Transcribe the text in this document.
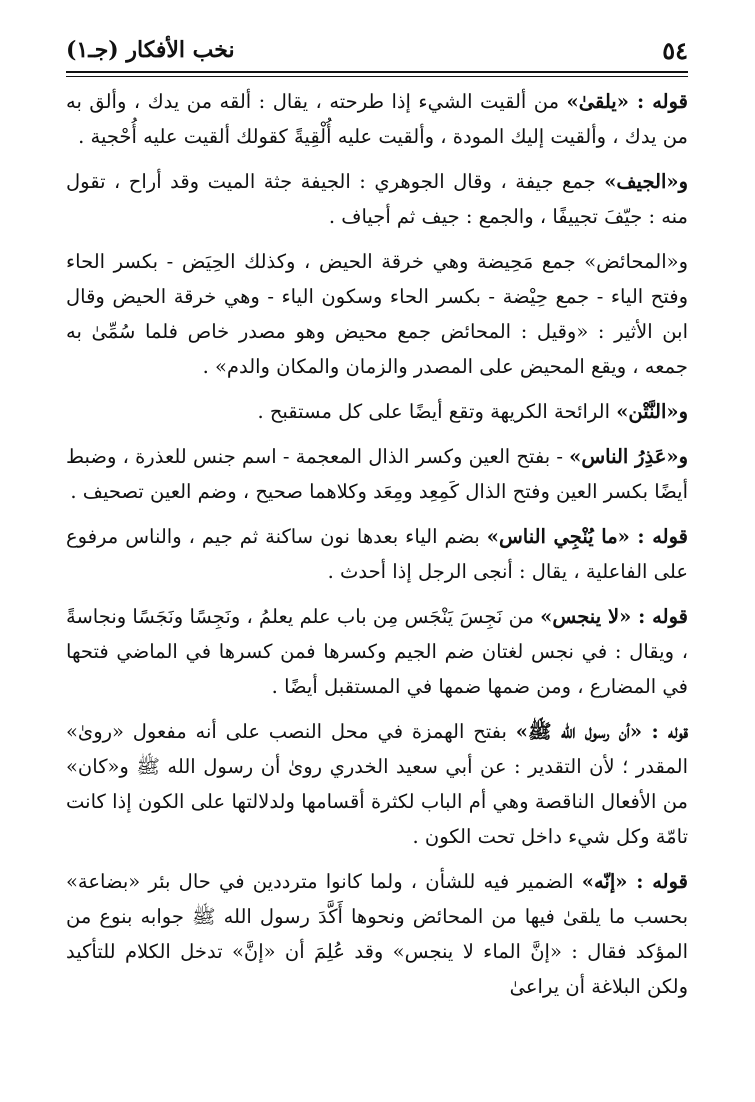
٥٤
نخب الأفكار (جـ١)

قوله : «يلقىٰ» من ألقيت الشيء إذا طرحته ، يقال : ألقه من يدك ، وألق به من يدك ، وألقيت إليك المودة ، وألقيت عليه أُلْقِيةً كقولك ألقيت عليه أُحْجية .

و«الجيف» جمع جيفة ، وقال الجوهري : الجيفة جثة الميت وقد أراح ، تقول منه : جيّفَ تجييفًا ، والجمع : جيف ثم أجياف .

و«المحائض» جمع مَحِيضة وهي خرقة الحيض ، وكذلك الحِيَض - بكسر الحاء وفتح الياء - جمع حِيْضة - بكسر الحاء وسكون الياء - وهي خرقة الحيض وقال ابن الأثير : «وقيل : المحائض جمع محيض وهو مصدر خاص فلما سُمِّىٰ به جمعه ، ويقع المحيض على المصدر والزمان والمكان والدم» .

و«النَّتْن» الرائحة الكريهة وتقع أيضًا على كل مستقبح .

و«عَذِرُ الناس» - بفتح العين وكسر الذال المعجمة - اسم جنس للعذرة ، وضبط أيضًا بكسر العين وفتح الذال كَمِعِد ومِعَد وكلاهما صحيح ، وضم العين تصحيف .

قوله : «ما يُنْجِي الناس» بضم الياء بعدها نون ساكنة ثم جيم ، والناس مرفوع على الفاعلية ، يقال : أنجى الرجل إذا أحدث .

قوله : «لا ينجس» من نَجِسَ يَنْجَس مِن باب علم يعلمُ ، ونَجِسًا ونَجَسًا ونجاسةً ، ويقال : في نجس لغتان ضم الجيم وكسرها فمن كسرها في الماضي فتحها في المضارع ، ومن ضمها ضمها في المستقبل أيضًا .

قوله : «أن رسول الله ﷺ» بفتح الهمزة في محل النصب على أنه مفعول «روىٰ» المقدر ؛ لأن التقدير : عن أبي سعيد الخدري روىٰ أن رسول الله ﷺ و«كان» من الأفعال الناقصة وهي أم الباب لكثرة أقسامها ولدلالتها على الكون إذا كانت تامّة وكل شيء داخل تحت الكون .

قوله : «إنّه» الضمير فيه للشأن ، ولما كانوا مترددين في حال بئر «بضاعة» بحسب ما يلقىٰ فيها من المحائض ونحوها أَكَّدَ رسول الله ﷺ جوابه بنوع من المؤكد فقال : «إنَّ الماء لا ينجس» وقد عُلِمَ أن «إنَّ» تدخل الكلام للتأكيد ولكن البلاغة أن يراعىٰ
